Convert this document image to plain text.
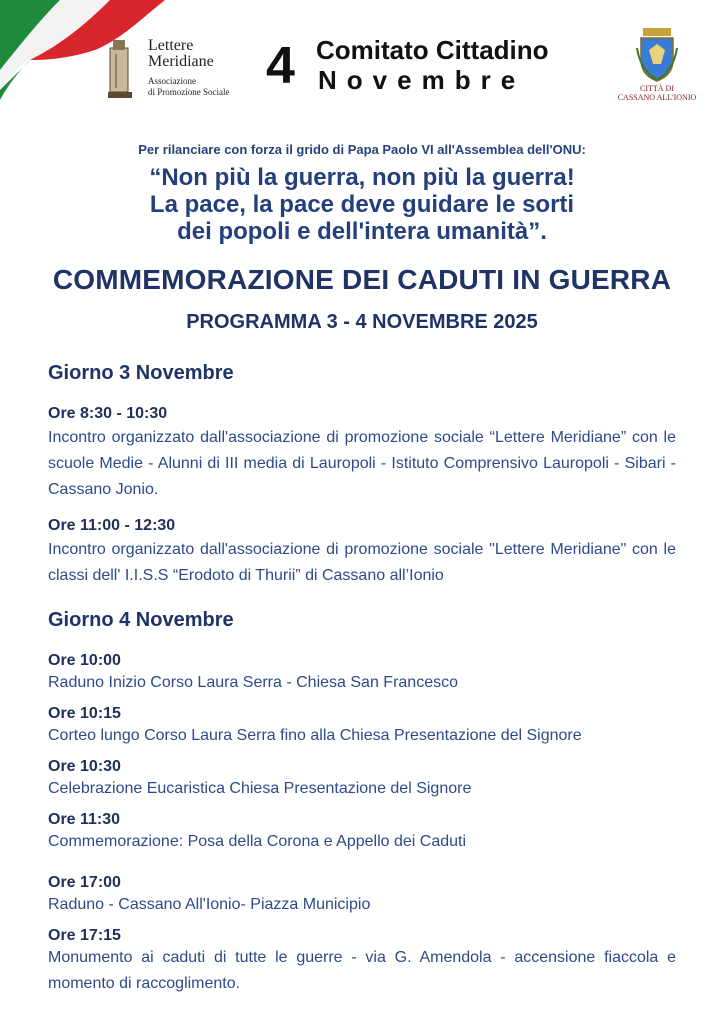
Lettere
Meridiane
Associazione
di Promozione Sociale 4 Comitato Cittadino
Novembre	CITTÀ DI
CASSANO ALL'IONIO
Per rilanciare con forza il grido di Papa Paolo VI all'Assemblea dell'ONU:
“Non più la guerra, non più la guerra!
La pace, la pace deve guidare le sorti
dei popoli e dell'intera umanità”.
COMMEMORAZIONE DEI CADUTI IN GUERRA
PROGRAMMA 3 - 4 NOVEMBRE 2025
Giorno 3 Novembre
Ore 8:30 - 10:30
Incontro organizzato dall'associazione di promozione sociale “Lettere Meridiane” con le scuole Medie - Alunni di III media di Lauropoli - Istituto Comprensivo Lauropoli - Sibari - Cassano Jonio.
Ore 11:00 - 12:30
Incontro organizzato dall'associazione di promozione sociale "Lettere Meridiane" con le classi dell' I.I.S.S “Erodoto di Thurii” di Cassano all’Ionio
Giorno 4 Novembre
Ore 10:00
Raduno Inizio Corso Laura Serra - Chiesa San Francesco
Ore 10:15
Corteo lungo Corso Laura Serra fino alla Chiesa Presentazione del Signore
Ore 10:30
Celebrazione Eucaristica Chiesa Presentazione del Signore
Ore 11:30
Commemorazione: Posa della Corona e Appello dei Caduti
Ore 17:00
Raduno - Cassano All'Ionio- Piazza Municipio
Ore 17:15
Monumento ai caduti di tutte le guerre - via G. Amendola - accensione fiaccola e momento di raccoglimento.
